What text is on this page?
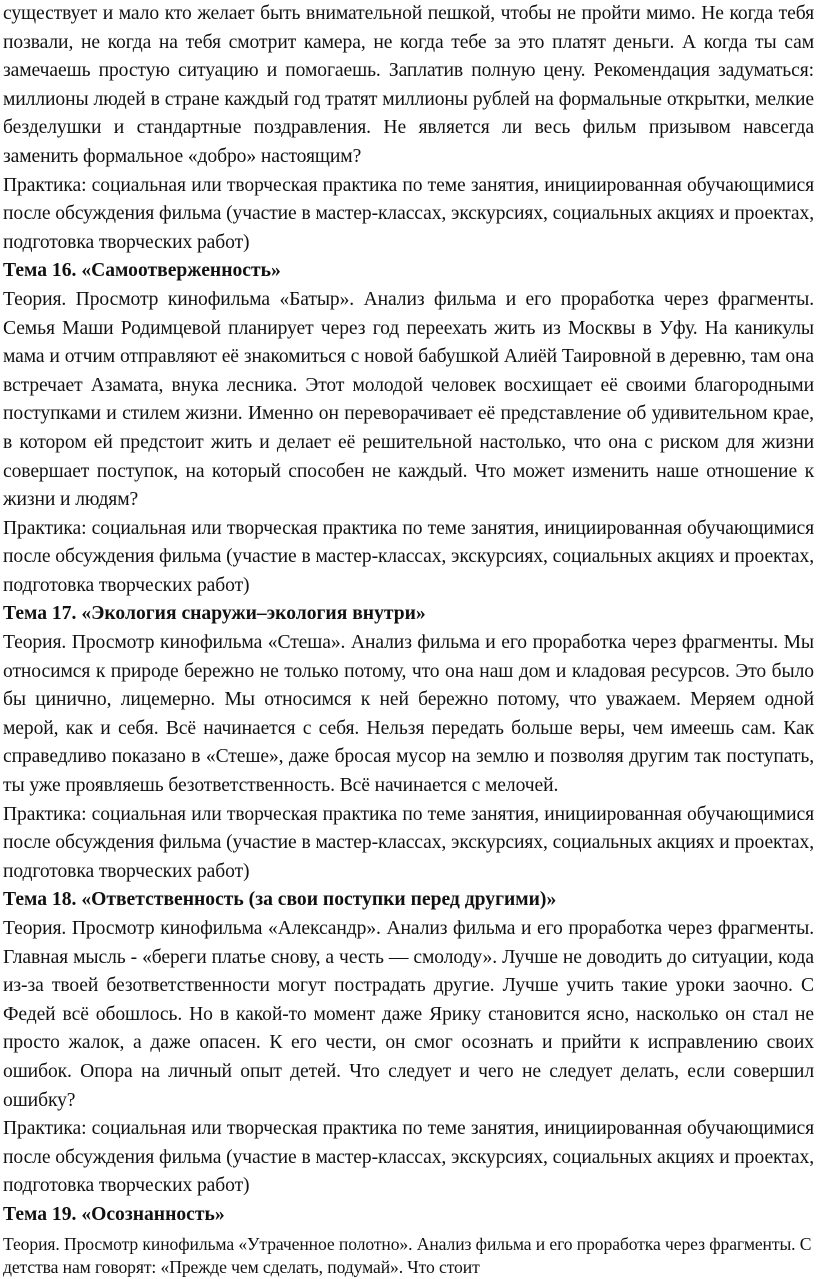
существует и мало кто желает быть внимательной пешкой, чтобы не пройти мимо. Не когда тебя позвали, не когда на тебя смотрит камера, не когда тебе за это платят деньги. А когда ты сам замечаешь простую ситуацию и помогаешь. Заплатив полную цену. Рекомендация задуматься: миллионы людей в стране каждый год тратят миллионы рублей на формальные открытки, мелкие безделушки и стандартные поздравления. Не является ли весь фильм призывом навсегда заменить формальное «добро» настоящим?

Практика: социальная или творческая практика по теме занятия, инициированная обучающимися после обсуждения фильма (участие в мастер-классах, экскурсиях, социальных акциях и проектах, подготовка творческих работ)

Тема 16. «Самоотверженность»

Теория. Просмотр кинофильма «Батыр». Анализ фильма и его проработка через фрагменты. Семья Маши Родимцевой планирует через год переехать жить из Москвы в Уфу. На каникулы мама и отчим отправляют её знакомиться с новой бабушкой Алиёй Таировной в деревню, там она встречает Азамата, внука лесника. Этот молодой человек восхищает её своими благородными поступками и стилем жизни. Именно он переворачивает её представление об удивительном крае, в котором ей предстоит жить и делает её решительной настолько, что она с риском для жизни совершает поступок, на который способен не каждый. Что может изменить наше отношение к жизни и людям?

Практика: социальная или творческая практика по теме занятия, инициированная обучающимися после обсуждения фильма (участие в мастер-классах, экскурсиях, социальных акциях и проектах, подготовка творческих работ)

Тема 17. «Экология снаружи–экология внутри»

Теория. Просмотр кинофильма «Стеша». Анализ фильма и его проработка через фрагменты. Мы относимся к природе бережно не только потому, что она наш дом и кладовая ресурсов. Это было бы цинично, лицемерно. Мы относимся к ней бережно потому, что уважаем. Меряем одной мерой, как и себя. Всё начинается с себя. Нельзя передать больше веры, чем имеешь сам. Как справедливо показано в «Стеше», даже бросая мусор на землю и позволяя другим так поступать, ты уже проявляешь безответственность. Всё начинается с мелочей.

Практика: социальная или творческая практика по теме занятия, инициированная обучающимися после обсуждения фильма (участие в мастер-классах, экскурсиях, социальных акциях и проектах, подготовка творческих работ)

Тема 18. «Ответственность (за свои поступки перед другими)»

Теория. Просмотр кинофильма «Александр». Анализ фильма и его проработка через фрагменты. Главная мысль - «береги платье снову, а честь — смолоду». Лучше не доводить до ситуации, кода из-за твоей безответственности могут пострадать другие. Лучше учить такие уроки заочно. С Федей всё обошлось. Но в какой-то момент даже Ярику становится ясно, насколько он стал не просто жалок, а даже опасен. К его чести, он смог осознать и прийти к исправлению своих ошибок. Опора на личный опыт детей. Что следует и чего не следует делать, если совершил ошибку?

Практика: социальная или творческая практика по теме занятия, инициированная обучающимися после обсуждения фильма (участие в мастер-классах, экскурсиях, социальных акциях и проектах, подготовка творческих работ)

Тема 19. «Осознанность»

Теория. Просмотр кинофильма «Утраченное полотно». Анализ фильма и его проработка через фрагменты. С детства нам говорят: «Прежде чем сделать, подумай». Что стоит
